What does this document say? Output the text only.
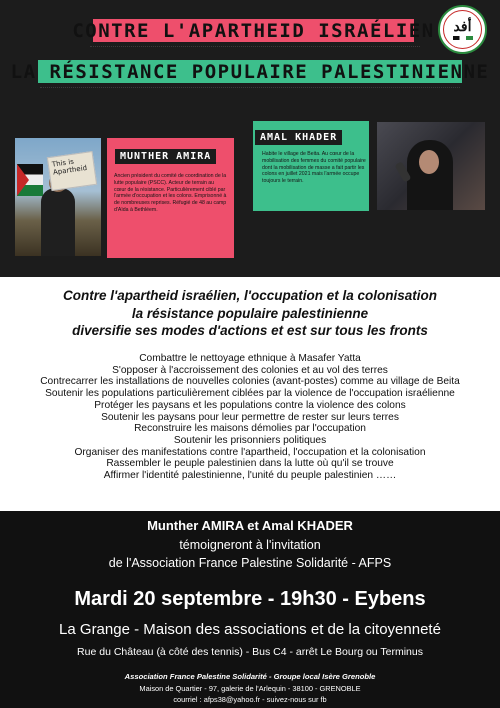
CONTRE L'APARTHEID ISRAÉLIEN
LA RÉSISTANCE POPULAIRE PALESTINIENNE
أفد
This is Apartheid
MUNTHER AMIRA
Ancien président du comité de coordination de la lutte populaire (PSCC). Acteur de terrain au cœur de la résistance. Particulièrement ciblé par l'armée d'occupation et les colons. Emprisonné à de nombreuses reprises. Réfugié de 48 au camp d'Aïda à Bethléem.
AMAL KHADER
Habite le village de Beita. Au cœur de la mobilisation des femmes du comité populaire dont la mobilisation de masse a fait partir les colons en juillet 2021 mais l'armée occupe toujours le terrain.
Contre l'apartheid israélien, l'occupation et la colonisation
la résistance populaire palestinienne
diversifie ses modes d'actions et est sur tous les fronts
Combattre le nettoyage ethnique à Masafer Yatta
S'opposer à l'accroissement des colonies et au vol des terres
Contrecarrer les installations de nouvelles colonies (avant-postes) comme au village de Beita
Soutenir les populations particulièrement ciblées par la violence de l'occupation israélienne
Protéger les paysans et les populations contre la violence des colons
Soutenir les paysans pour leur permettre de rester sur leurs terres
Reconstruire les maisons démolies par l'occupation
Soutenir les prisonniers politiques
Organiser des manifestations contre l'apartheid, l'occupation et la colonisation
Rassembler le peuple palestinien dans la lutte où qu'il se trouve
Affirmer l'identité palestinienne, l'unité du peuple palestinien ……
Munther AMIRA et Amal KHADER
témoigneront à l'invitation
de l'Association France Palestine Solidarité - AFPS
Mardi 20 septembre - 19h30 - Eybens
La Grange - Maison des associations et de la citoyenneté
Rue du Château (à côté des tennis) - Bus C4 - arrêt Le Bourg ou Terminus
Association France Palestine Solidarité - Groupe local Isère Grenoble
Maison de Quartier - 97, galerie de l'Arlequin - 38100 - GRENOBLE
courriel : afps38@yahoo.fr - suivez-nous sur fb
